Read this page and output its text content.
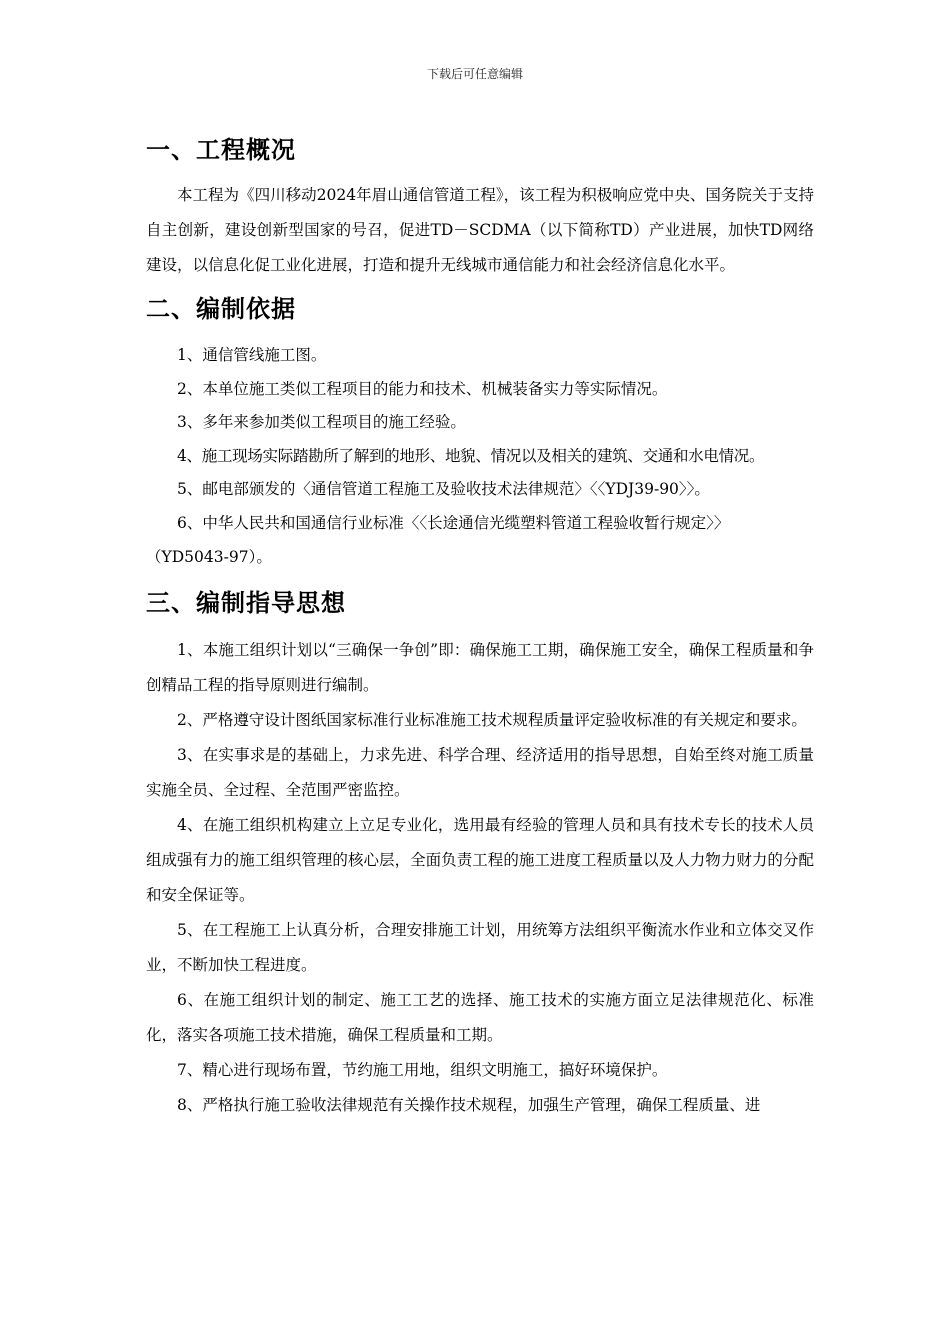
下载后可任意编辑
一、工程概况

本工程为《四川移动2024年眉山通信管道工程》，该工程为积极响应党中央、国务院关于支持自主创新，建设创新型国家的号召，促进TD－SCDMA（以下简称TD）产业进展，加快TD网络建设，以信息化促工业化进展，打造和提升无线城市通信能力和社会经济信息化水平。

二、编制依据

1、通信管线施工图。

2、本单位施工类似工程项目的能力和技术、机械装备实力等实际情况。

3、多年来参加类似工程项目的施工经验。

4、施工现场实际踏勘所了解到的地形、地貌、情况以及相关的建筑、交通和水电情况。

5、邮电部颁发的〈通信管道工程施工及验收技术法律规范〉〈〈YDJ39-90〉〉。

6、中华人民共和国通信行业标准〈〈长途通信光缆塑料管道工程验收暂行规定〉〉

（YD5043-97）。

三、编制指导思想

1、本施工组织计划以“三确保一争创”即：确保施工工期，确保施工安全，确保工程质量和争创精品工程的指导原则进行编制。

2、严格遵守设计图纸国家标准行业标准施工技术规程质量评定验收标准的有关规定和要求。

3、在实事求是的基础上，力求先进、科学合理、经济适用的指导思想，自始至终对施工质量实施全员、全过程、全范围严密监控。

4、在施工组织机构建立上立足专业化，选用最有经验的管理人员和具有技术专长的技术人员组成强有力的施工组织管理的核心层，全面负责工程的施工进度工程质量以及人力物力财力的分配和安全保证等。

5、在工程施工上认真分析，合理安排施工计划，用统筹方法组织平衡流水作业和立体交叉作业，不断加快工程进度。

6、在施工组织计划的制定、施工工艺的选择、施工技术的实施方面立足法律规范化、标准化，落实各项施工技术措施，确保工程质量和工期。

7、精心进行现场布置，节约施工用地，组织文明施工，搞好环境保护。

8、严格执行施工验收法律规范有关操作技术规程，加强生产管理，确保工程质量、进
